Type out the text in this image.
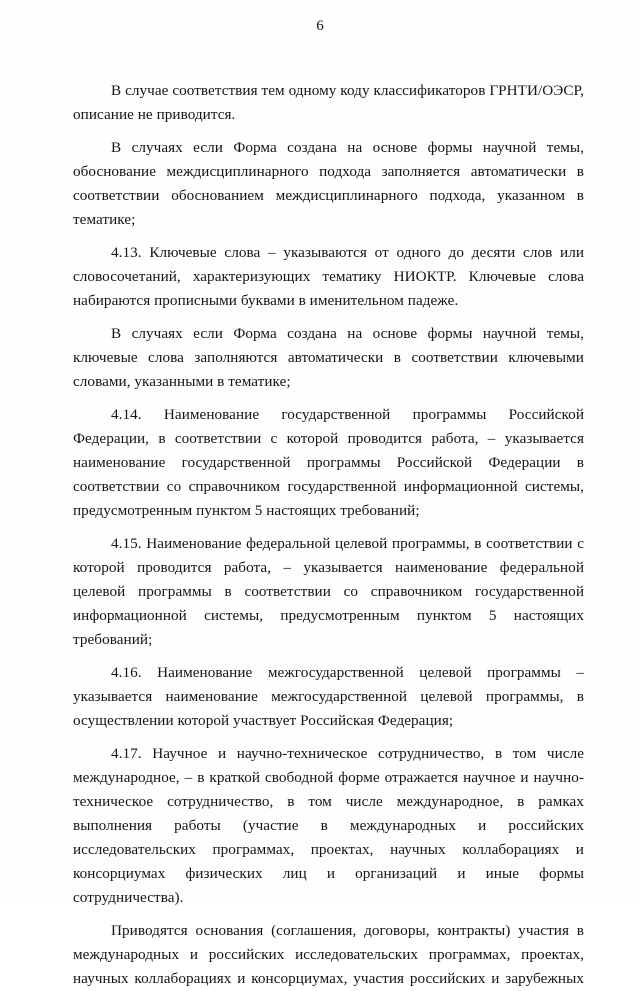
6

В случае соответствия тем одному коду классификаторов ГРНТИ/ОЭСР, описание не приводится.

В случаях если Форма создана на основе формы научной темы, обоснование междисциплинарного подхода заполняется автоматически в соответствии обоснованием междисциплинарного подхода, указанном в тематике;

4.13. Ключевые слова – указываются от одного до десяти слов или словосочетаний, характеризующих тематику НИОКТР. Ключевые слова набираются прописными буквами в именительном падеже.

В случаях если Форма создана на основе формы научной темы, ключевые слова заполняются автоматически в соответствии ключевыми словами, указанными в тематике;

4.14. Наименование государственной программы Российской Федерации, в соответствии с которой проводится работа, – указывается наименование государственной программы Российской Федерации в соответствии со справочником государственной информационной системы, предусмотренным пунктом 5 настоящих требований;

4.15. Наименование федеральной целевой программы, в соответствии с которой проводится работа, – указывается наименование федеральной целевой программы в соответствии со справочником государственной информационной системы, предусмотренным пунктом 5 настоящих требований;

4.16. Наименование межгосударственной целевой программы – указывается наименование межгосударственной целевой программы, в осуществлении которой участвует Российская Федерация;

4.17. Научное и научно-техническое сотрудничество, в том числе международное, – в краткой свободной форме отражается научное и научно-техническое сотрудничество, в том числе международное, в рамках выполнения работы (участие в международных и российских исследовательских программах, проектах, научных коллаборациях и консорциумах физических лиц и организаций и иные формы сотрудничества).

Приводятся основания (соглашения, договоры, контракты) участия в международных и российских исследовательских программах, проектах, научных коллаборациях и консорциумах, участия российских и зарубежных
